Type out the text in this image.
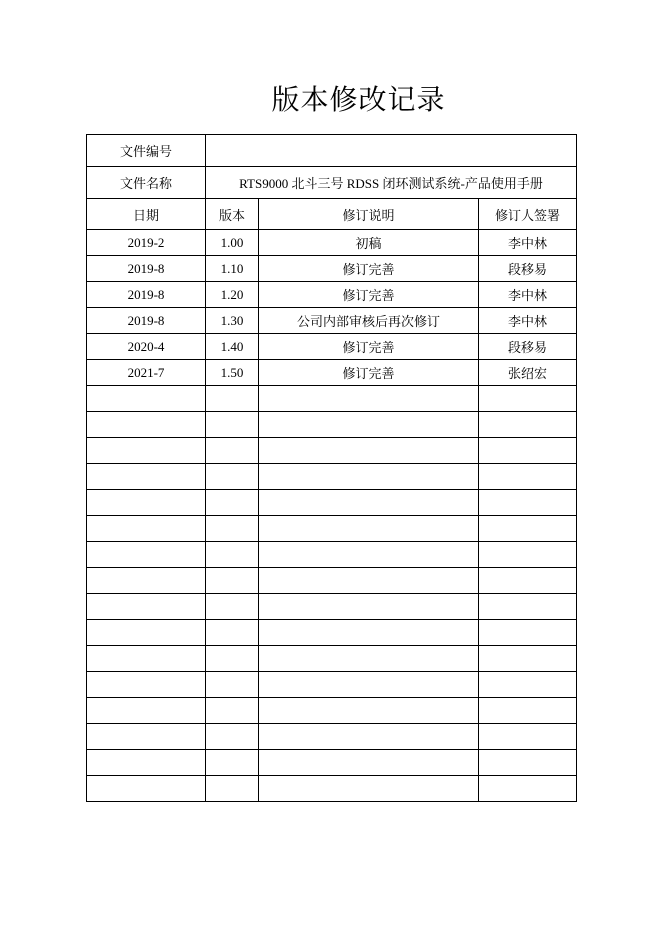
版本修改记录
文件编号			
文件名称	RTS9000 北斗三号 RDSS 闭环测试系统-产品使用手册		
日期	版本	修订说明	修订人签署
2019-2	1.00	初稿	李中林
2019-8	1.10	修订完善	段移易
2019-8	1.20	修订完善	李中林
2019-8	1.30	公司内部审核后再次修订	李中林
2020-4	1.40	修订完善	段移易
2021-7	1.50	修订完善	张绍宏
